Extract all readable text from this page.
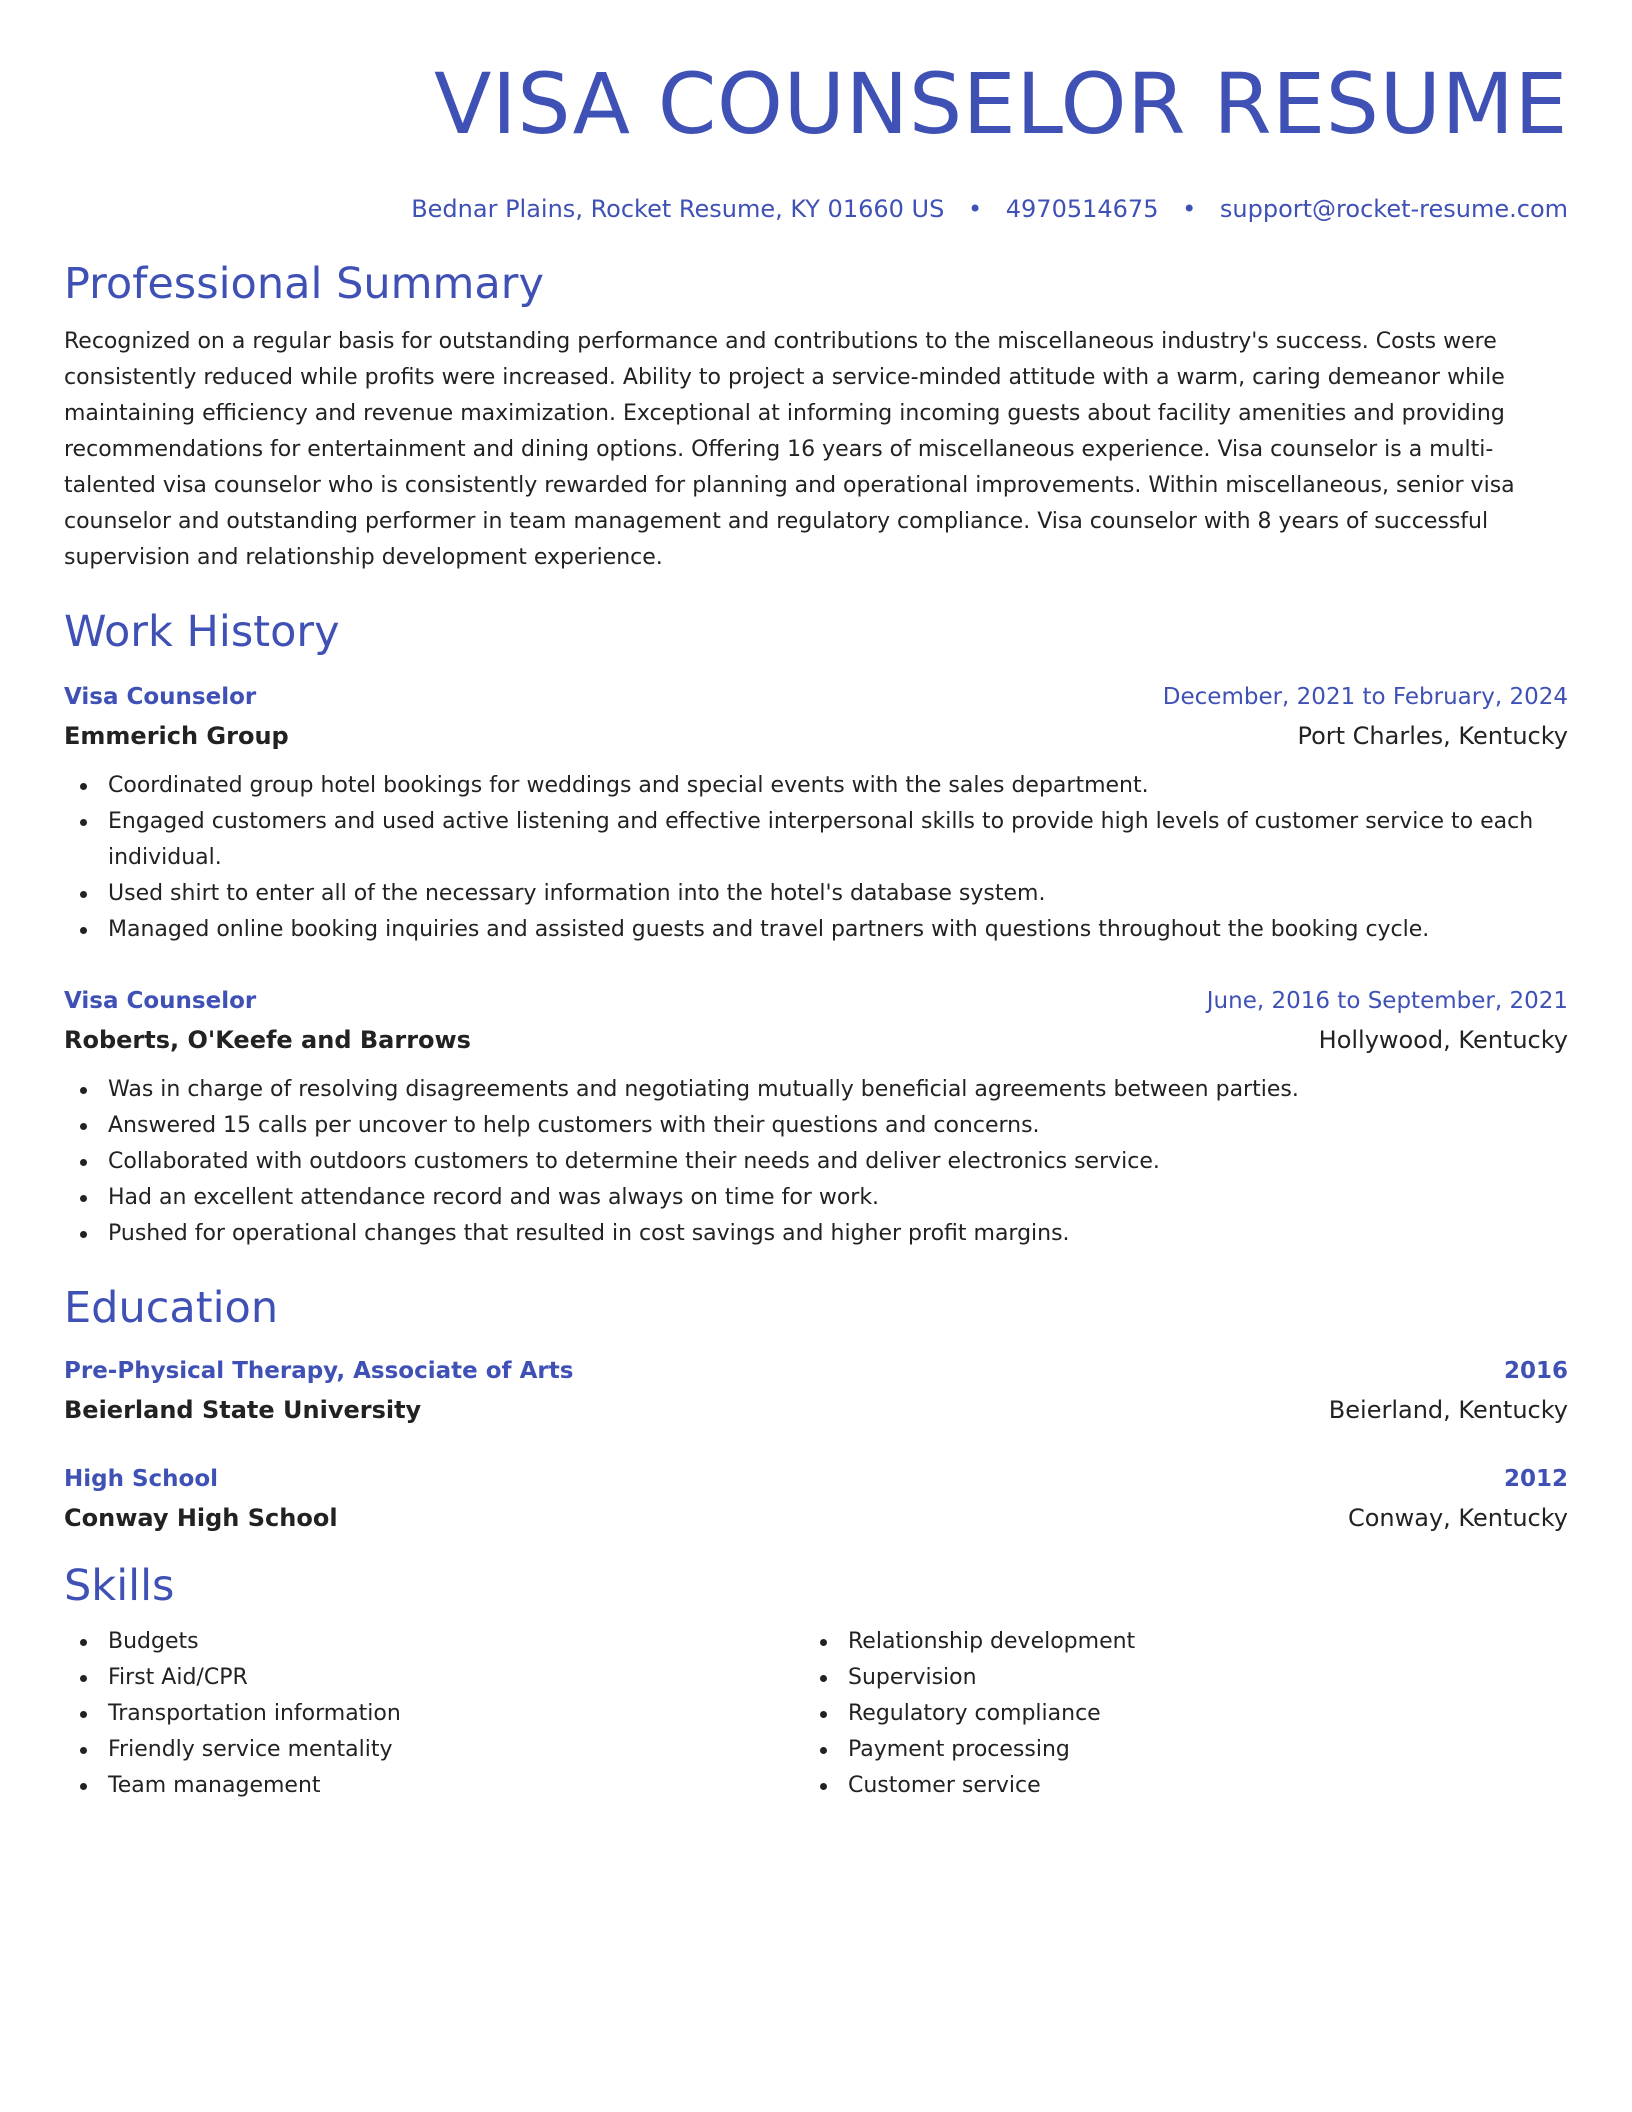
VISA COUNSELOR RESUME
Bednar Plains, Rocket Resume, KY 01660 US • 4970514675 • support@rocket-resume.com
Professional Summary
Recognized on a regular basis for outstanding performance and contributions to the miscellaneous industry's success. Costs were consistently reduced while profits were increased. Ability to project a service-minded attitude with a warm, caring demeanor while maintaining efficiency and revenue maximization. Exceptional at informing incoming guests about facility amenities and providing recommendations for entertainment and dining options. Offering 16 years of miscellaneous experience. Visa counselor is a multi-talented visa counselor who is consistently rewarded for planning and operational improvements. Within miscellaneous, senior visa counselor and outstanding performer in team management and regulatory compliance. Visa counselor with 8 years of successful supervision and relationship development experience.
Work History
Visa Counselor	December, 2021 to February, 2024
Emmerich Group	Port Charles, Kentucky
Coordinated group hotel bookings for weddings and special events with the sales department.
Engaged customers and used active listening and effective interpersonal skills to provide high levels of customer service to each individual.
Used shirt to enter all of the necessary information into the hotel's database system.
Managed online booking inquiries and assisted guests and travel partners with questions throughout the booking cycle.
Visa Counselor	June, 2016 to September, 2021
Roberts, O'Keefe and Barrows	Hollywood, Kentucky
Was in charge of resolving disagreements and negotiating mutually beneficial agreements between parties.
Answered 15 calls per uncover to help customers with their questions and concerns.
Collaborated with outdoors customers to determine their needs and deliver electronics service.
Had an excellent attendance record and was always on time for work.
Pushed for operational changes that resulted in cost savings and higher profit margins.
Education
Pre-Physical Therapy, Associate of Arts	2016
Beierland State University	Beierland, Kentucky
High School	2012
Conway High School	Conway, Kentucky
Skills
Budgets
First Aid/CPR
Transportation information
Friendly service mentality
Team management
Relationship development
Supervision
Regulatory compliance
Payment processing
Customer service
